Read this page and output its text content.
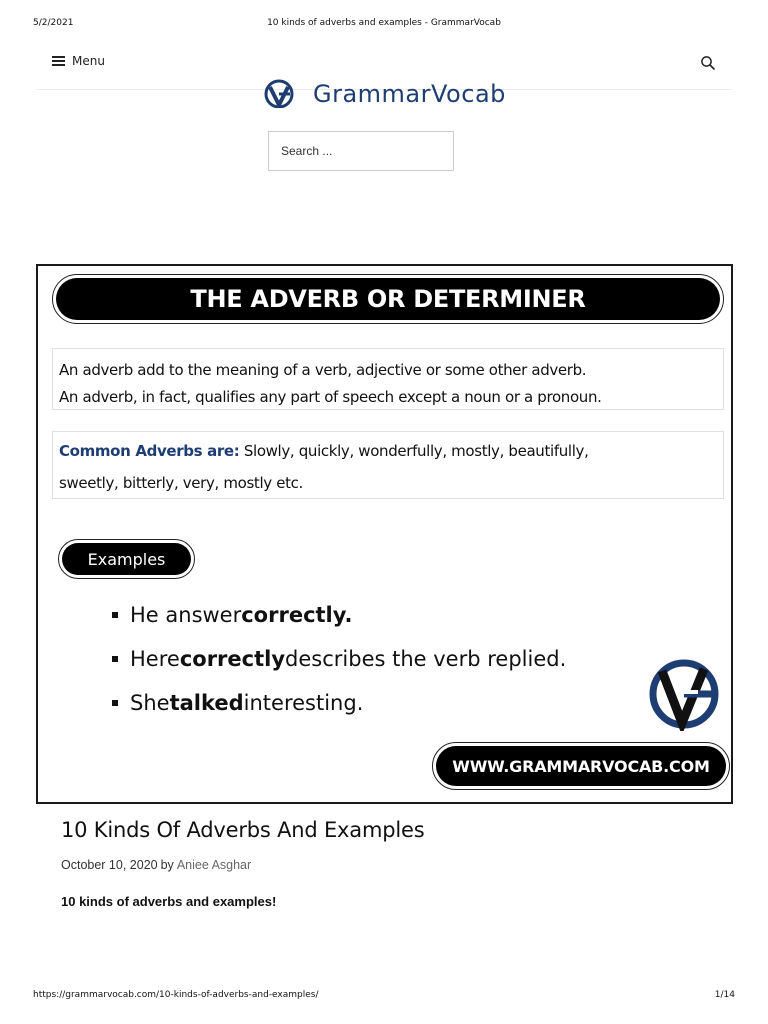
5/2/2021	10 kinds of adverbs and examples - GrammarVocab
Menu
GrammarVocab
Search ...
THE ADVERB OR DETERMINER

An adverb add to the meaning of a verb, adjective or some other adverb.

An adverb, in fact, qualifies any part of speech except a noun or a pronoun.

Common Adverbs are: Slowly, quickly, wonderfully, mostly, beautifully,

sweetly, bitterly, very, mostly etc.

Examples
He answer correctly.
Here correctly describes the verb replied.
She talked interesting.
WWW.GRAMMARVOCAB.COM
10 Kinds Of Adverbs And Examples
October 10, 2020 by Aniee Asghar

10 kinds of adverbs and examples!

https://grammarvocab.com/10-kinds-of-adverbs-and-examples/	1/14
